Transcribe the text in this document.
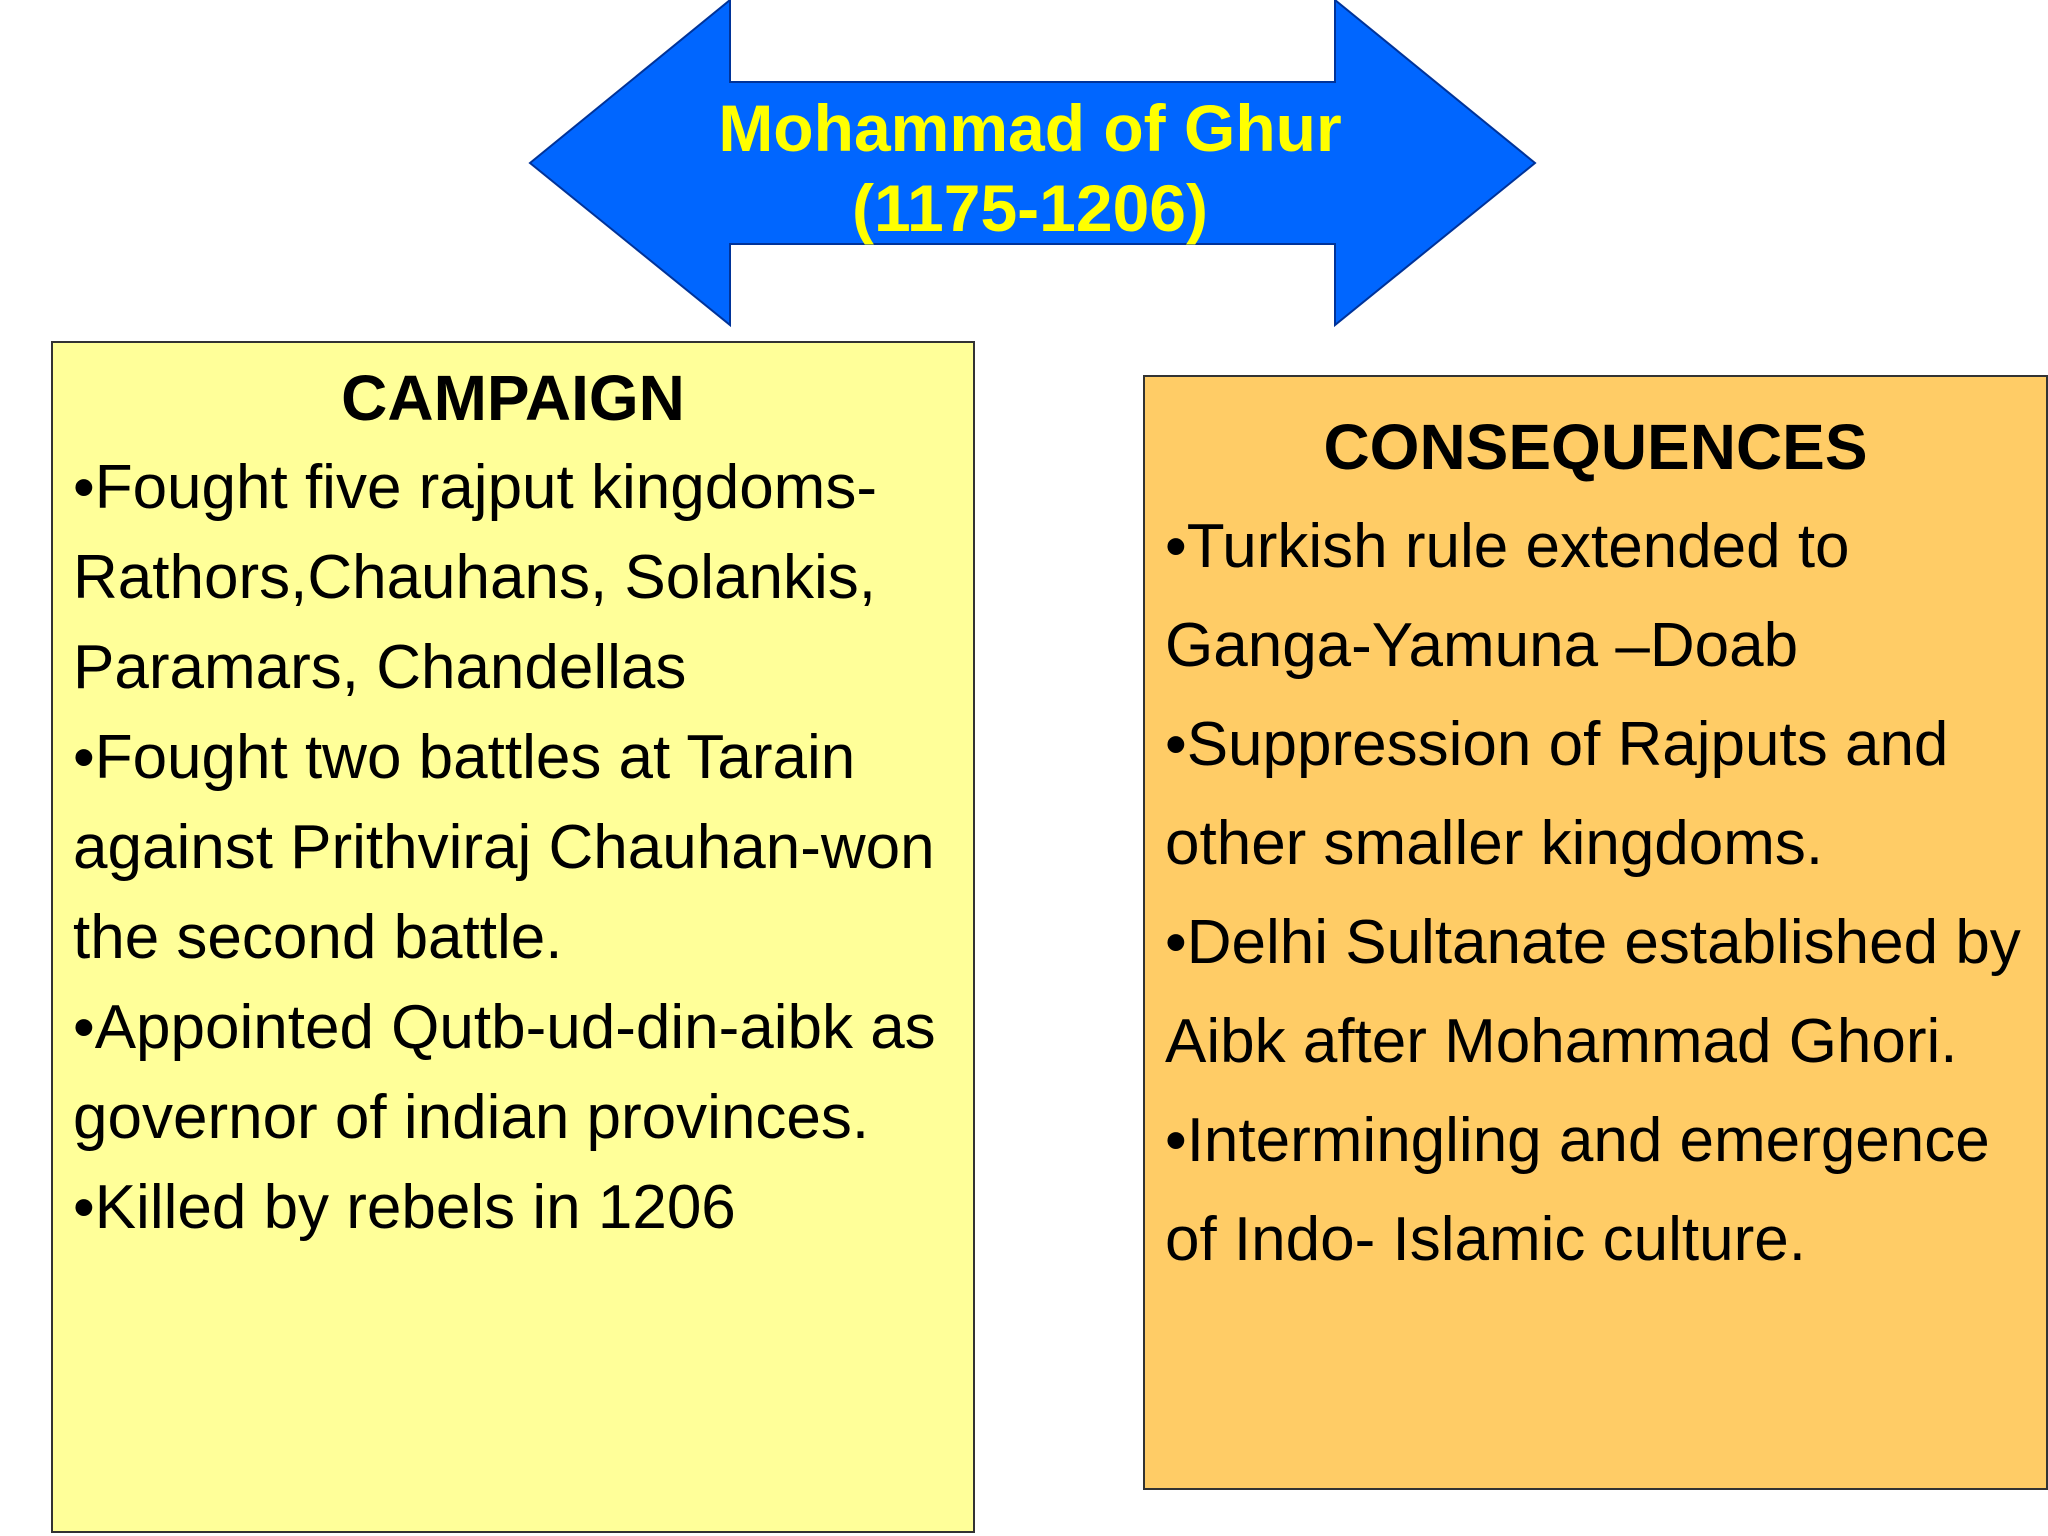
Mohammad of Ghur
(1175-1206)
CAMPAIGN
•Fought five rajput kingdoms-Rathors,Chauhans, Solankis, Paramars, Chandellas
•Fought two battles at Tarain against Prithviraj Chauhan-won the second battle.
•Appointed Qutb-ud-din-aibk as governor of indian provinces.
•Killed by rebels in 1206
CONSEQUENCES
•Turkish rule extended to Ganga-Yamuna –Doab
•Suppression of Rajputs and other smaller kingdoms.
•Delhi Sultanate established by Aibk after Mohammad Ghori.
•Intermingling and emergence of Indo- Islamic culture.
